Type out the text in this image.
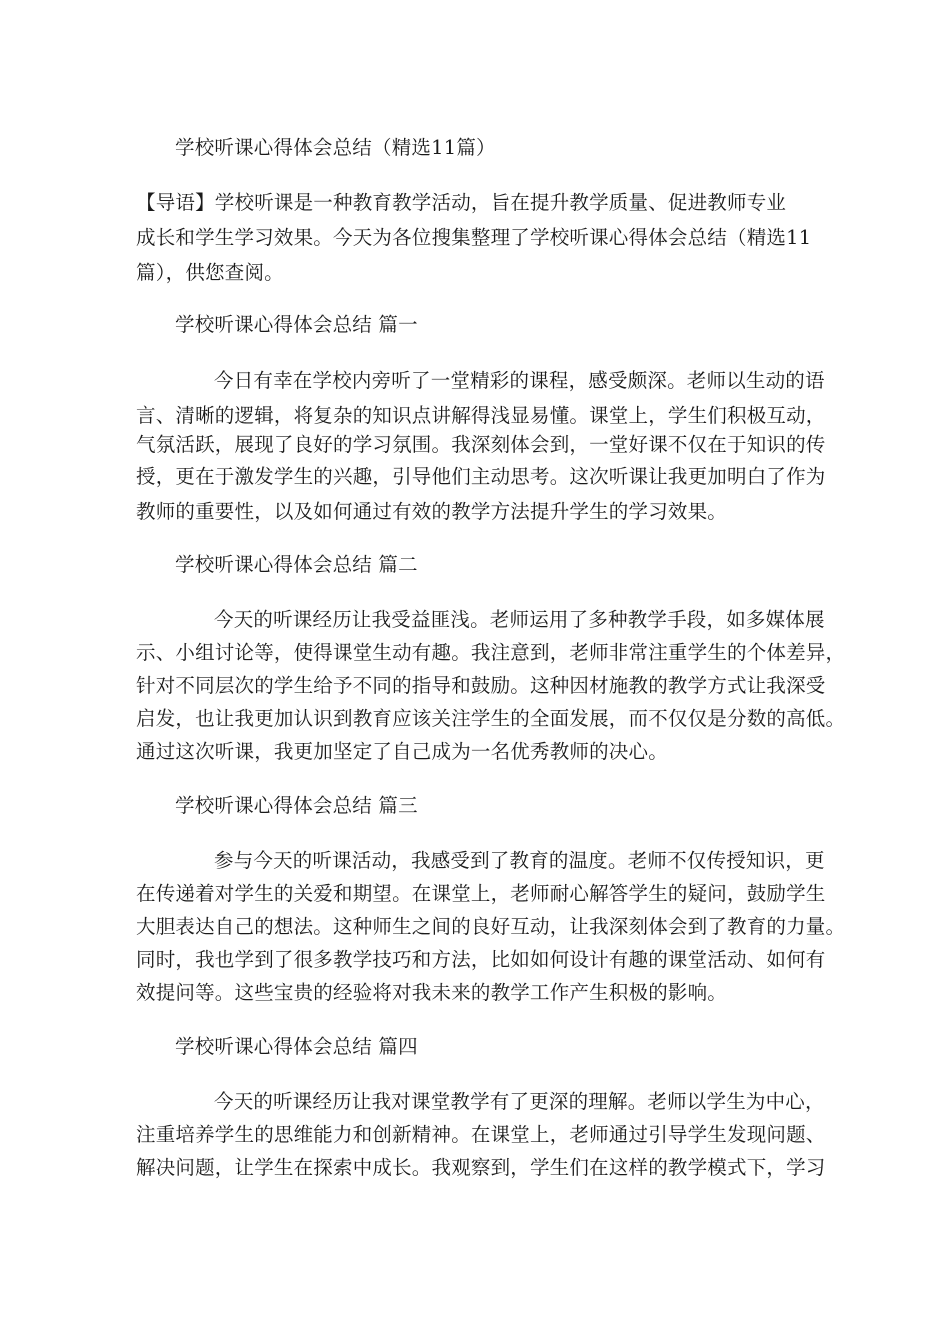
学校听课心得体会总结（精选11篇）
【导语】学校听课是一种教育教学活动，旨在提升教学质量、促进教师专业
成长和学生学习效果。今天为各位搜集整理了学校听课心得体会总结（精选11
篇），供您查阅。
学校听课心得体会总结 篇一
今日有幸在学校内旁听了一堂精彩的课程，感受颇深。老师以生动的语
言、清晰的逻辑，将复杂的知识点讲解得浅显易懂。课堂上，学生们积极互动，
气氛活跃，展现了良好的学习氛围。我深刻体会到，一堂好课不仅在于知识的传
授，更在于激发学生的兴趣，引导他们主动思考。这次听课让我更加明白了作为
教师的重要性，以及如何通过有效的教学方法提升学生的学习效果。
学校听课心得体会总结 篇二
今天的听课经历让我受益匪浅。老师运用了多种教学手段，如多媒体展
示、小组讨论等，使得课堂生动有趣。我注意到，老师非常注重学生的个体差异，
针对不同层次的学生给予不同的指导和鼓励。这种因材施教的教学方式让我深受
启发，也让我更加认识到教育应该关注学生的全面发展，而不仅仅是分数的高低。
通过这次听课，我更加坚定了自己成为一名优秀教师的决心。
学校听课心得体会总结 篇三
参与今天的听课活动，我感受到了教育的温度。老师不仅传授知识，更
在传递着对学生的关爱和期望。在课堂上，老师耐心解答学生的疑问，鼓励学生
大胆表达自己的想法。这种师生之间的良好互动，让我深刻体会到了教育的力量。
同时，我也学到了很多教学技巧和方法，比如如何设计有趣的课堂活动、如何有
效提问等。这些宝贵的经验将对我未来的教学工作产生积极的影响。
学校听课心得体会总结 篇四
今天的听课经历让我对课堂教学有了更深的理解。老师以学生为中心，
注重培养学生的思维能力和创新精神。在课堂上，老师通过引导学生发现问题、
解决问题，让学生在探索中成长。我观察到，学生们在这样的教学模式下，学习
